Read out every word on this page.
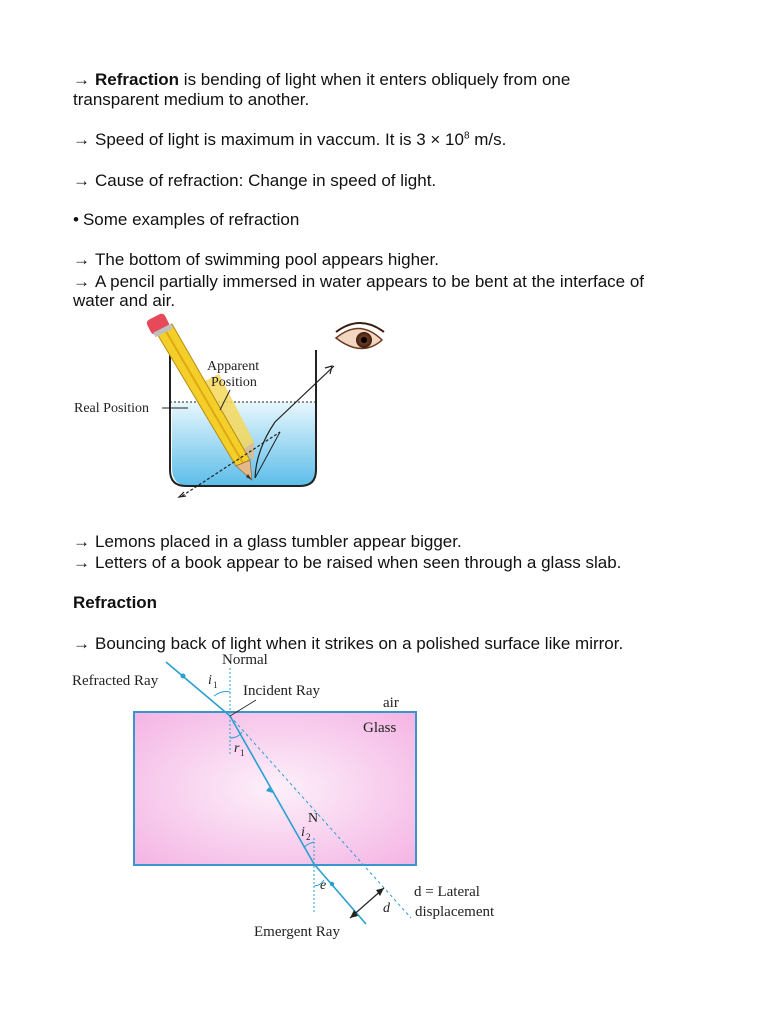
→ Refraction is bending of light when it enters obliquely from one
transparent medium to another.
→ Speed of light is maximum in vaccum. It is $3 \times 10^8$ m/s.
→ Cause of refraction: Change in speed of light.
• Some examples of refraction
→ The bottom of swimming pool appears higher.
→ A pencil partially immersed in water appears to be bent at the interface of
water and air.
Apparent
Position
Real Position
→ Lemons placed in a glass tumbler appear bigger.
→ Letters of a book appear to be raised when seen through a glass slab.
Refraction
→ Bouncing back of light when it strikes on a polished surface like mirror.
Normal
Refracted Ray	i 1 Incident Ray
air
Glass
r 1
N
i 2
e
d
d = Lateral
displacement
Emergent Ray
